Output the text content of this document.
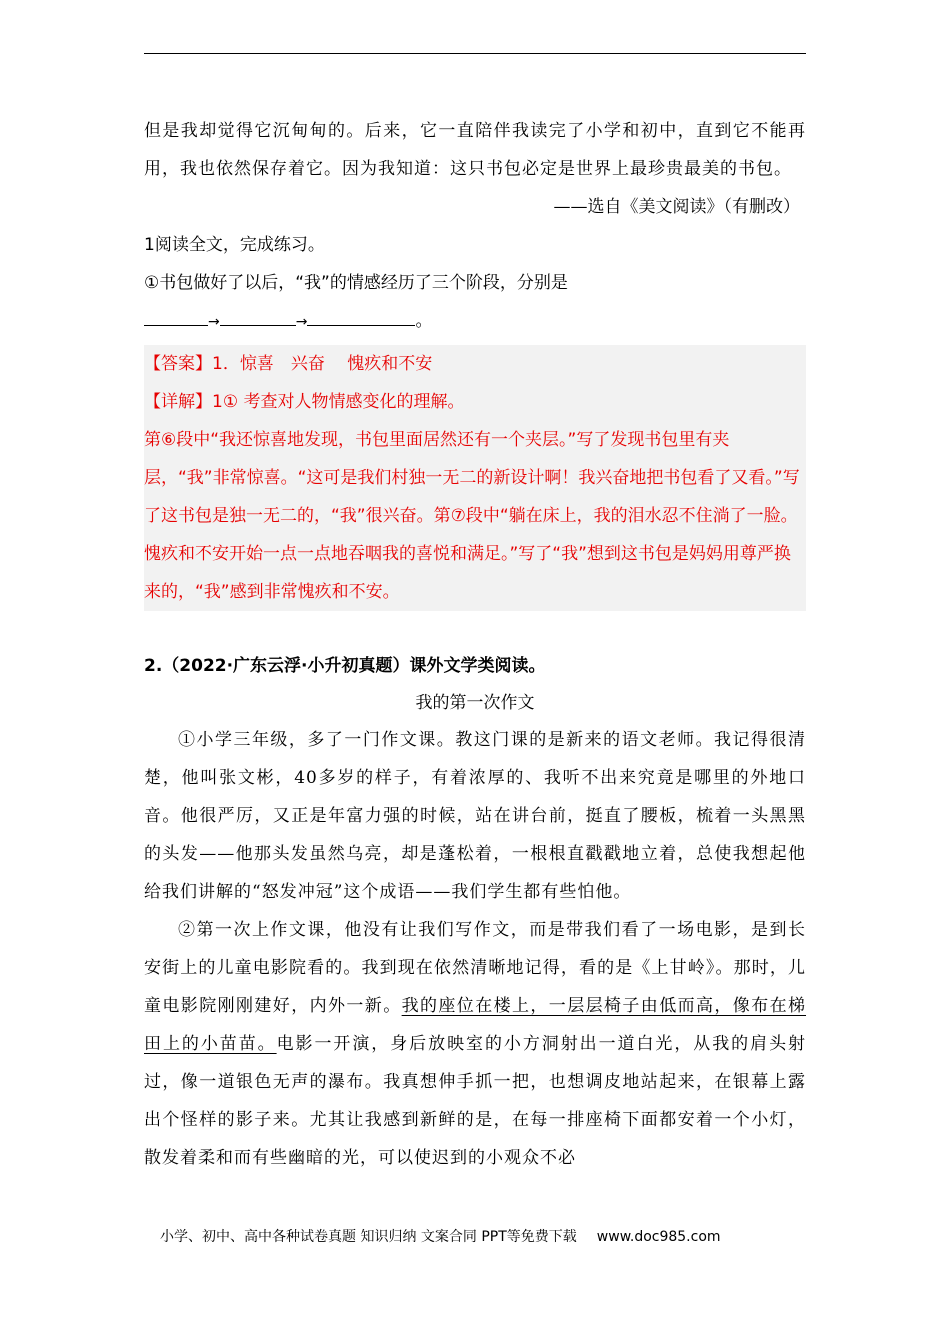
但是我却觉得它沉甸甸的。后来，它一直陪伴我读完了小学和初中，直到它不能再用，我也依然保存着它。因为我知道：这只书包必定是世界上最珍贵最美的书包。

——选自《美文阅读》（有删改）

1阅读全文，完成练习。

①书包做好了以后，“我”的情感经历了三个阶段，分别是

→	→	。

【答案】1．惊喜　兴奋　 愧疚和不安

【详解】1① 考查对人物情感变化的理解。

第⑥段中“我还惊喜地发现，书包里面居然还有一个夹层。”写了发现书包里有夹层，“我”非常惊喜。“这可是我们村独一无二的新设计啊！我兴奋地把书包看了又看。”写了这书包是独一无二的，“我”很兴奋。第⑦段中“躺在床上，我的泪水忍不住淌了一脸。愧疚和不安开始一点一点地吞咽我的喜悦和满足。”写了“我”想到这书包是妈妈用尊严换来的，“我”感到非常愧疚和不安。

2.（2022·广东云浮·小升初真题）课外文学类阅读。

我的第一次作文

①小学三年级，多了一门作文课。教这门课的是新来的语文老师。我记得很清楚，他叫张文彬，40多岁的样子，有着浓厚的、我听不出来究竟是哪里的外地口音。他很严厉，又正是年富力强的时候，站在讲台前，挺直了腰板，梳着一头黑黑的头发——他那头发虽然乌亮，却是蓬松着，一根根直戳戳地立着，总使我想起他给我们讲解的“怒发冲冠”这个成语——我们学生都有些怕他。

②第一次上作文课，他没有让我们写作文，而是带我们看了一场电影，是到长安街上的儿童电影院看的。我到现在依然清晰地记得，看的是《上甘岭》。那时，儿童电影院刚刚建好，内外一新。我的座位在楼上，一层层椅子由低而高，像布在梯田上的小苗苗。电影一开演，身后放映室的小方洞射出一道白光，从我的肩头射过，像一道银色无声的瀑布。我真想伸手抓一把，也想调皮地站起来，在银幕上露出个怪样的影子来。尤其让我感到新鲜的是，在每一排座椅下面都安着一个小灯，散发着柔和而有些幽暗的光，可以使迟到的小观众不必

小学、初中、高中各种试卷真题 知识归纳 文案合同 PPT等免费下载 www.doc985.com
